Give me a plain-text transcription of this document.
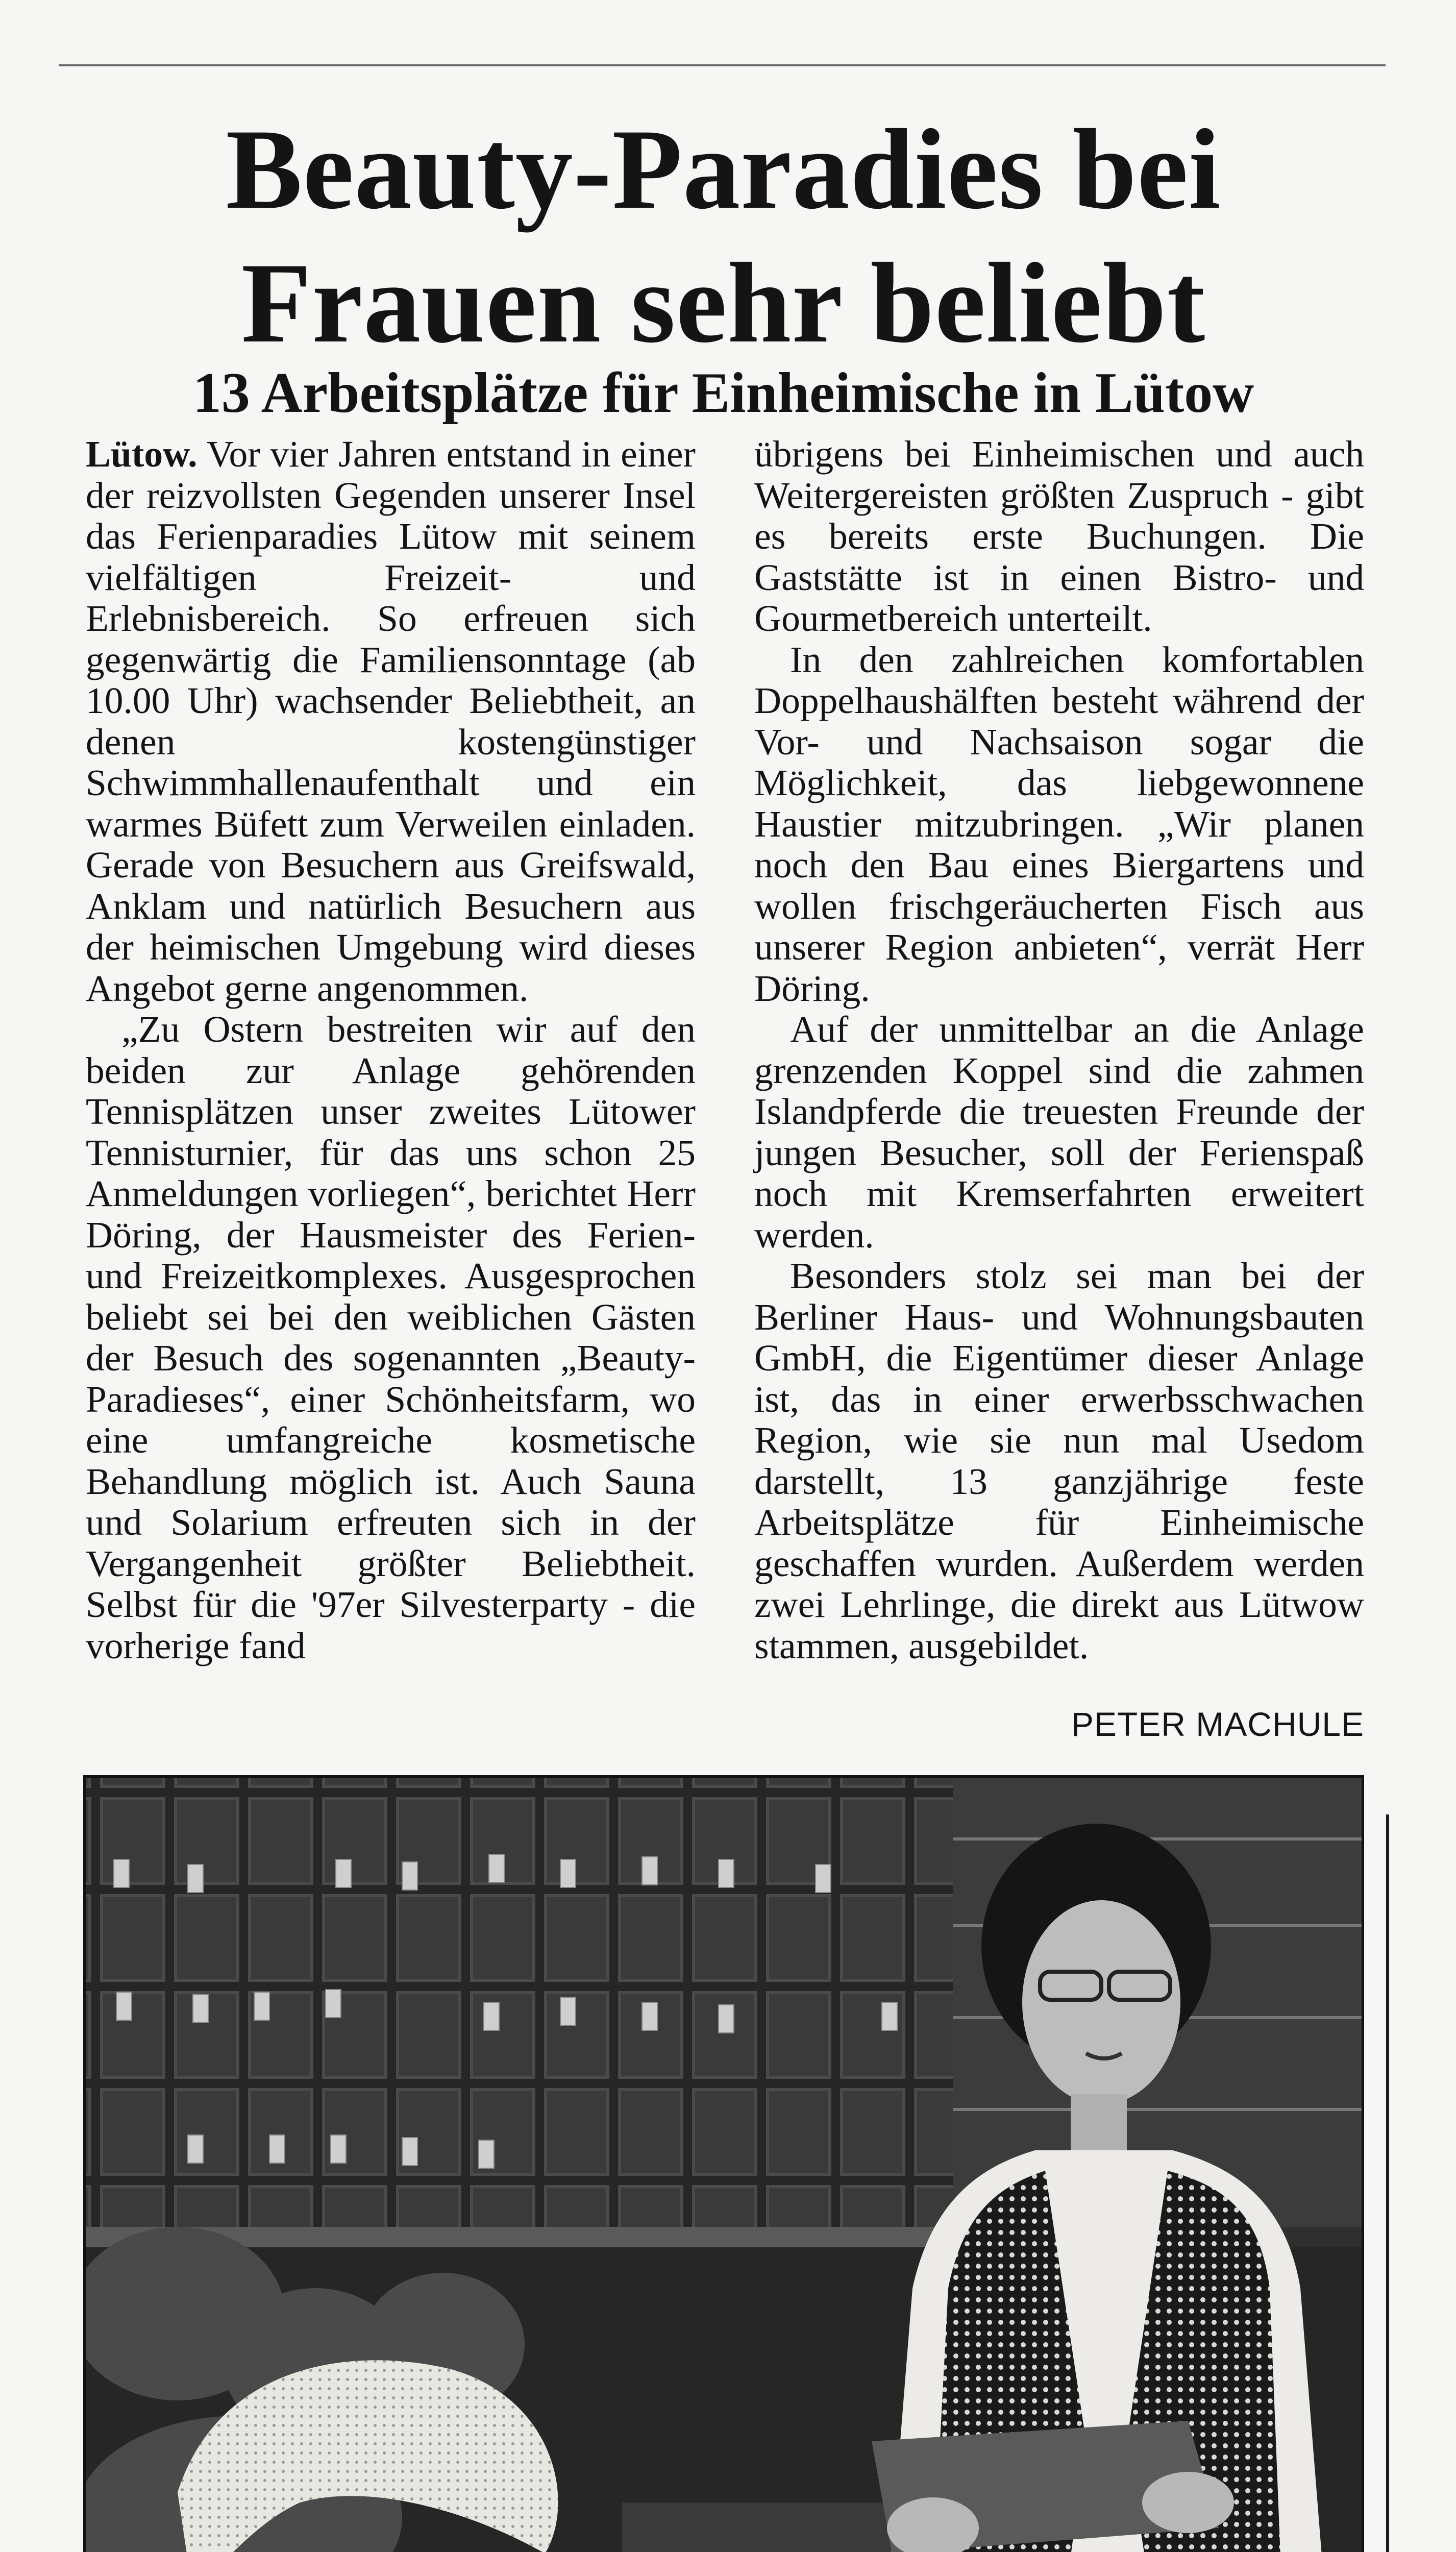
Beauty-Paradies bei
Frauen sehr beliebt
13 Arbeitsplätze für Einheimische in Lütow

Lütow. Vor vier Jahren entstand in einer der reizvollsten Gegenden unserer Insel das Ferienparadies Lütow mit seinem vielfältigen Freizeit- und Erlebnisbereich. So erfreuen sich gegenwärtig die Familiensonntage (ab 10.00 Uhr) wachsender Beliebtheit, an denen kostengünstiger Schwimmhallenaufenthalt und ein warmes Büfett zum Verweilen einladen. Gerade von Besuchern aus Greifswald, Anklam und natürlich Besuchern aus der heimischen Umgebung wird dieses Angebot gerne angenommen.

„Zu Ostern bestreiten wir auf den beiden zur Anlage gehörenden Tennisplätzen unser zweites Lütower Tennisturnier, für das uns schon 25 Anmeldungen vorliegen“, berichtet Herr Döring, der Hausmeister des Ferien- und Freizeitkomplexes. Ausgesprochen beliebt sei bei den weiblichen Gästen der Besuch des sogenannten „Beauty-Paradieses“, einer Schönheitsfarm, wo eine umfangreiche kosmetische Behandlung möglich ist. Auch Sauna und Solarium erfreuten sich in der Vergangenheit größter Beliebtheit. Selbst für die '97er Silvesterparty - die vorherige fand

übrigens bei Einheimischen und auch Weitergereisten größten Zuspruch - gibt es bereits erste Buchungen. Die Gaststätte ist in einen Bistro- und Gourmetbereich unterteilt.

In den zahlreichen komfortablen Doppelhaushälften besteht während der Vor- und Nachsaison sogar die Möglichkeit, das liebgewonnene Haustier mitzubringen. „Wir planen noch den Bau eines Biergartens und wollen frischgeräucherten Fisch aus unserer Region anbieten“, verrät Herr Döring.

Auf der unmittelbar an die Anlage grenzenden Koppel sind die zahmen Islandpferde die treuesten Freunde der jungen Besucher, soll der Ferienspaß noch mit Kremserfahrten erweitert werden.

Besonders stolz sei man bei der Berliner Haus- und Wohnungsbauten GmbH, die Eigentümer dieser Anlage ist, das in einer erwerbsschwachen Region, wie sie nun mal Usedom darstellt, 13 ganzjährige feste Arbeitsplätze für Einheimische geschaffen wurden. Außerdem werden zwei Lehrlinge, die direkt aus Lütwow stammen, ausgebildet.

PETER MACHULE
